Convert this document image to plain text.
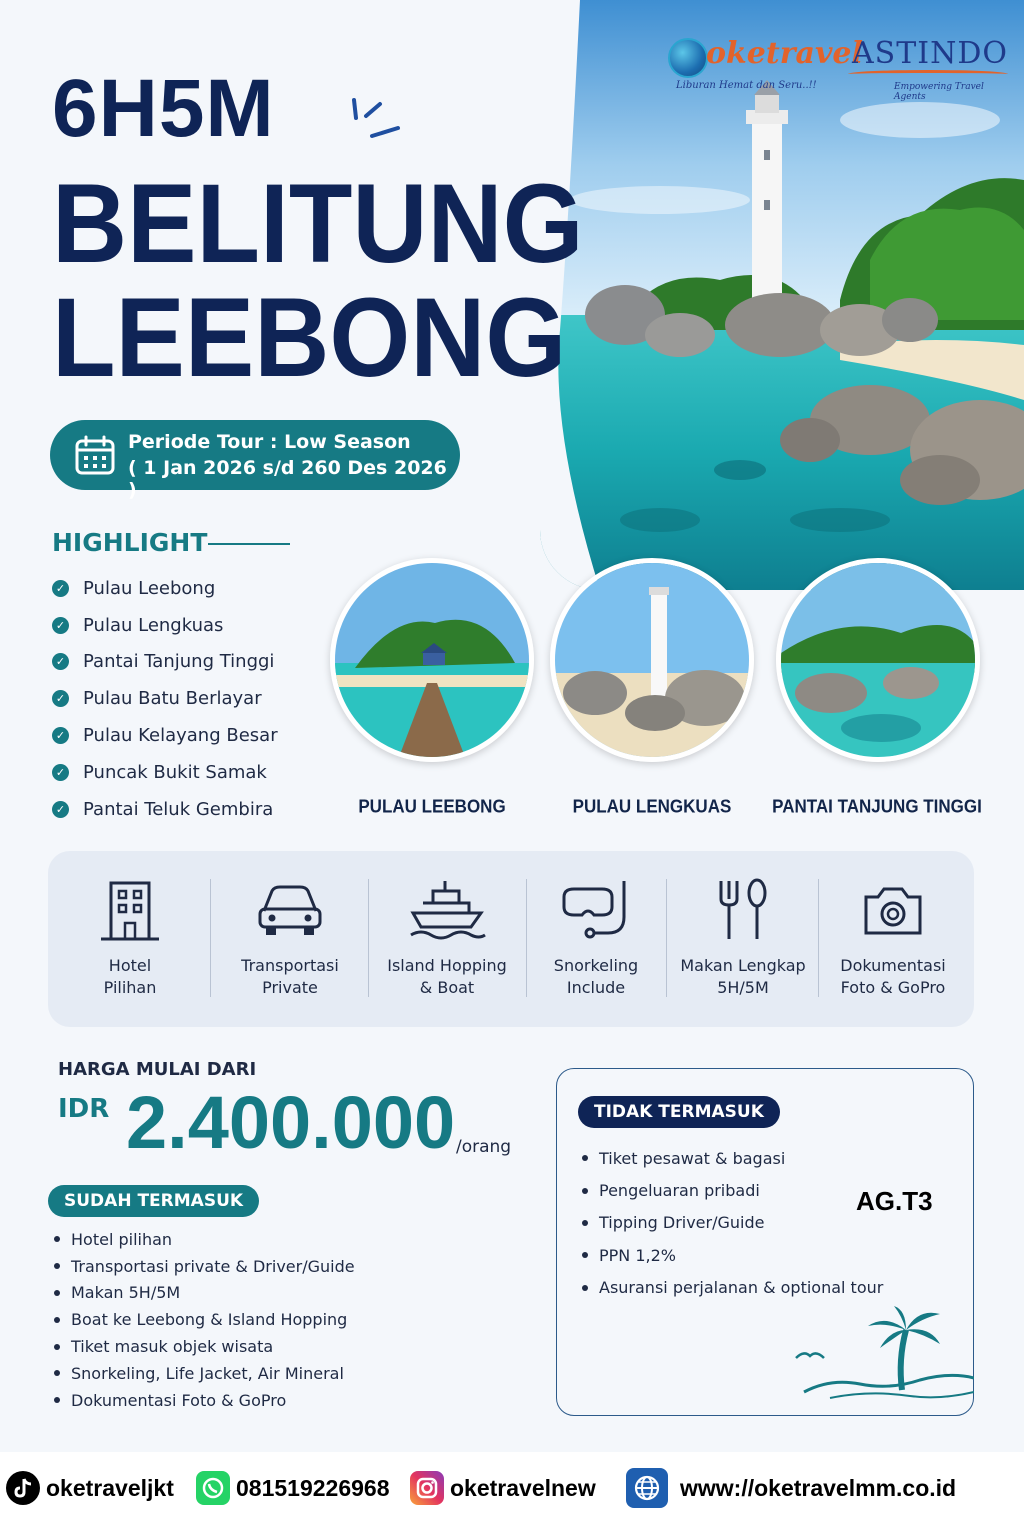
oketravel
Liburan Hemat dan Seru..!!
ASTINDO
Empowering Travel Agents
6H5M
BELITUNG
LEEBONG
Periode Tour : Low Season
( 1 Jan 2026 s/d 260 Des 2026 )
HIGHLIGHT
✓ Pulau Leebong
✓ Pulau Lengkuas
✓ Pantai Tanjung Tinggi
✓ Pulau Batu Berlayar
✓ Pulau Kelayang Besar
✓ Puncak Bukit Samak
✓ Pantai Teluk Gembira	PULAU LEEBONG	PULAU LENGKUAS	PANTAI TANJUNG TINGGI
Hotel
Pilihan
Transportasi
Private
Island Hopping
& Boat
Snorkeling
Include
Makan Lengkap
5H/5M
Dokumentasi
Foto & GoPro
HARGA MULAI DARI
IDR 2.400.000 /orang
SUDAH TERMASUK
Hotel pilihan
Transportasi private & Driver/Guide
Makan 5H/5M
Boat ke Leebong & Island Hopping
Tiket masuk objek wisata
Snorkeling, Life Jacket, Air Mineral
Dokumentasi Foto & GoPro
TIDAK TERMASUK
Tiket pesawat & bagasi
Pengeluaran pribadi
Tipping Driver/Guide
PPN 1,2%
Asuransi perjalanan & optional tour
AG.T3
oketraveljkt	081519226968	oketravelnew	www://oketravelmm.co.id
